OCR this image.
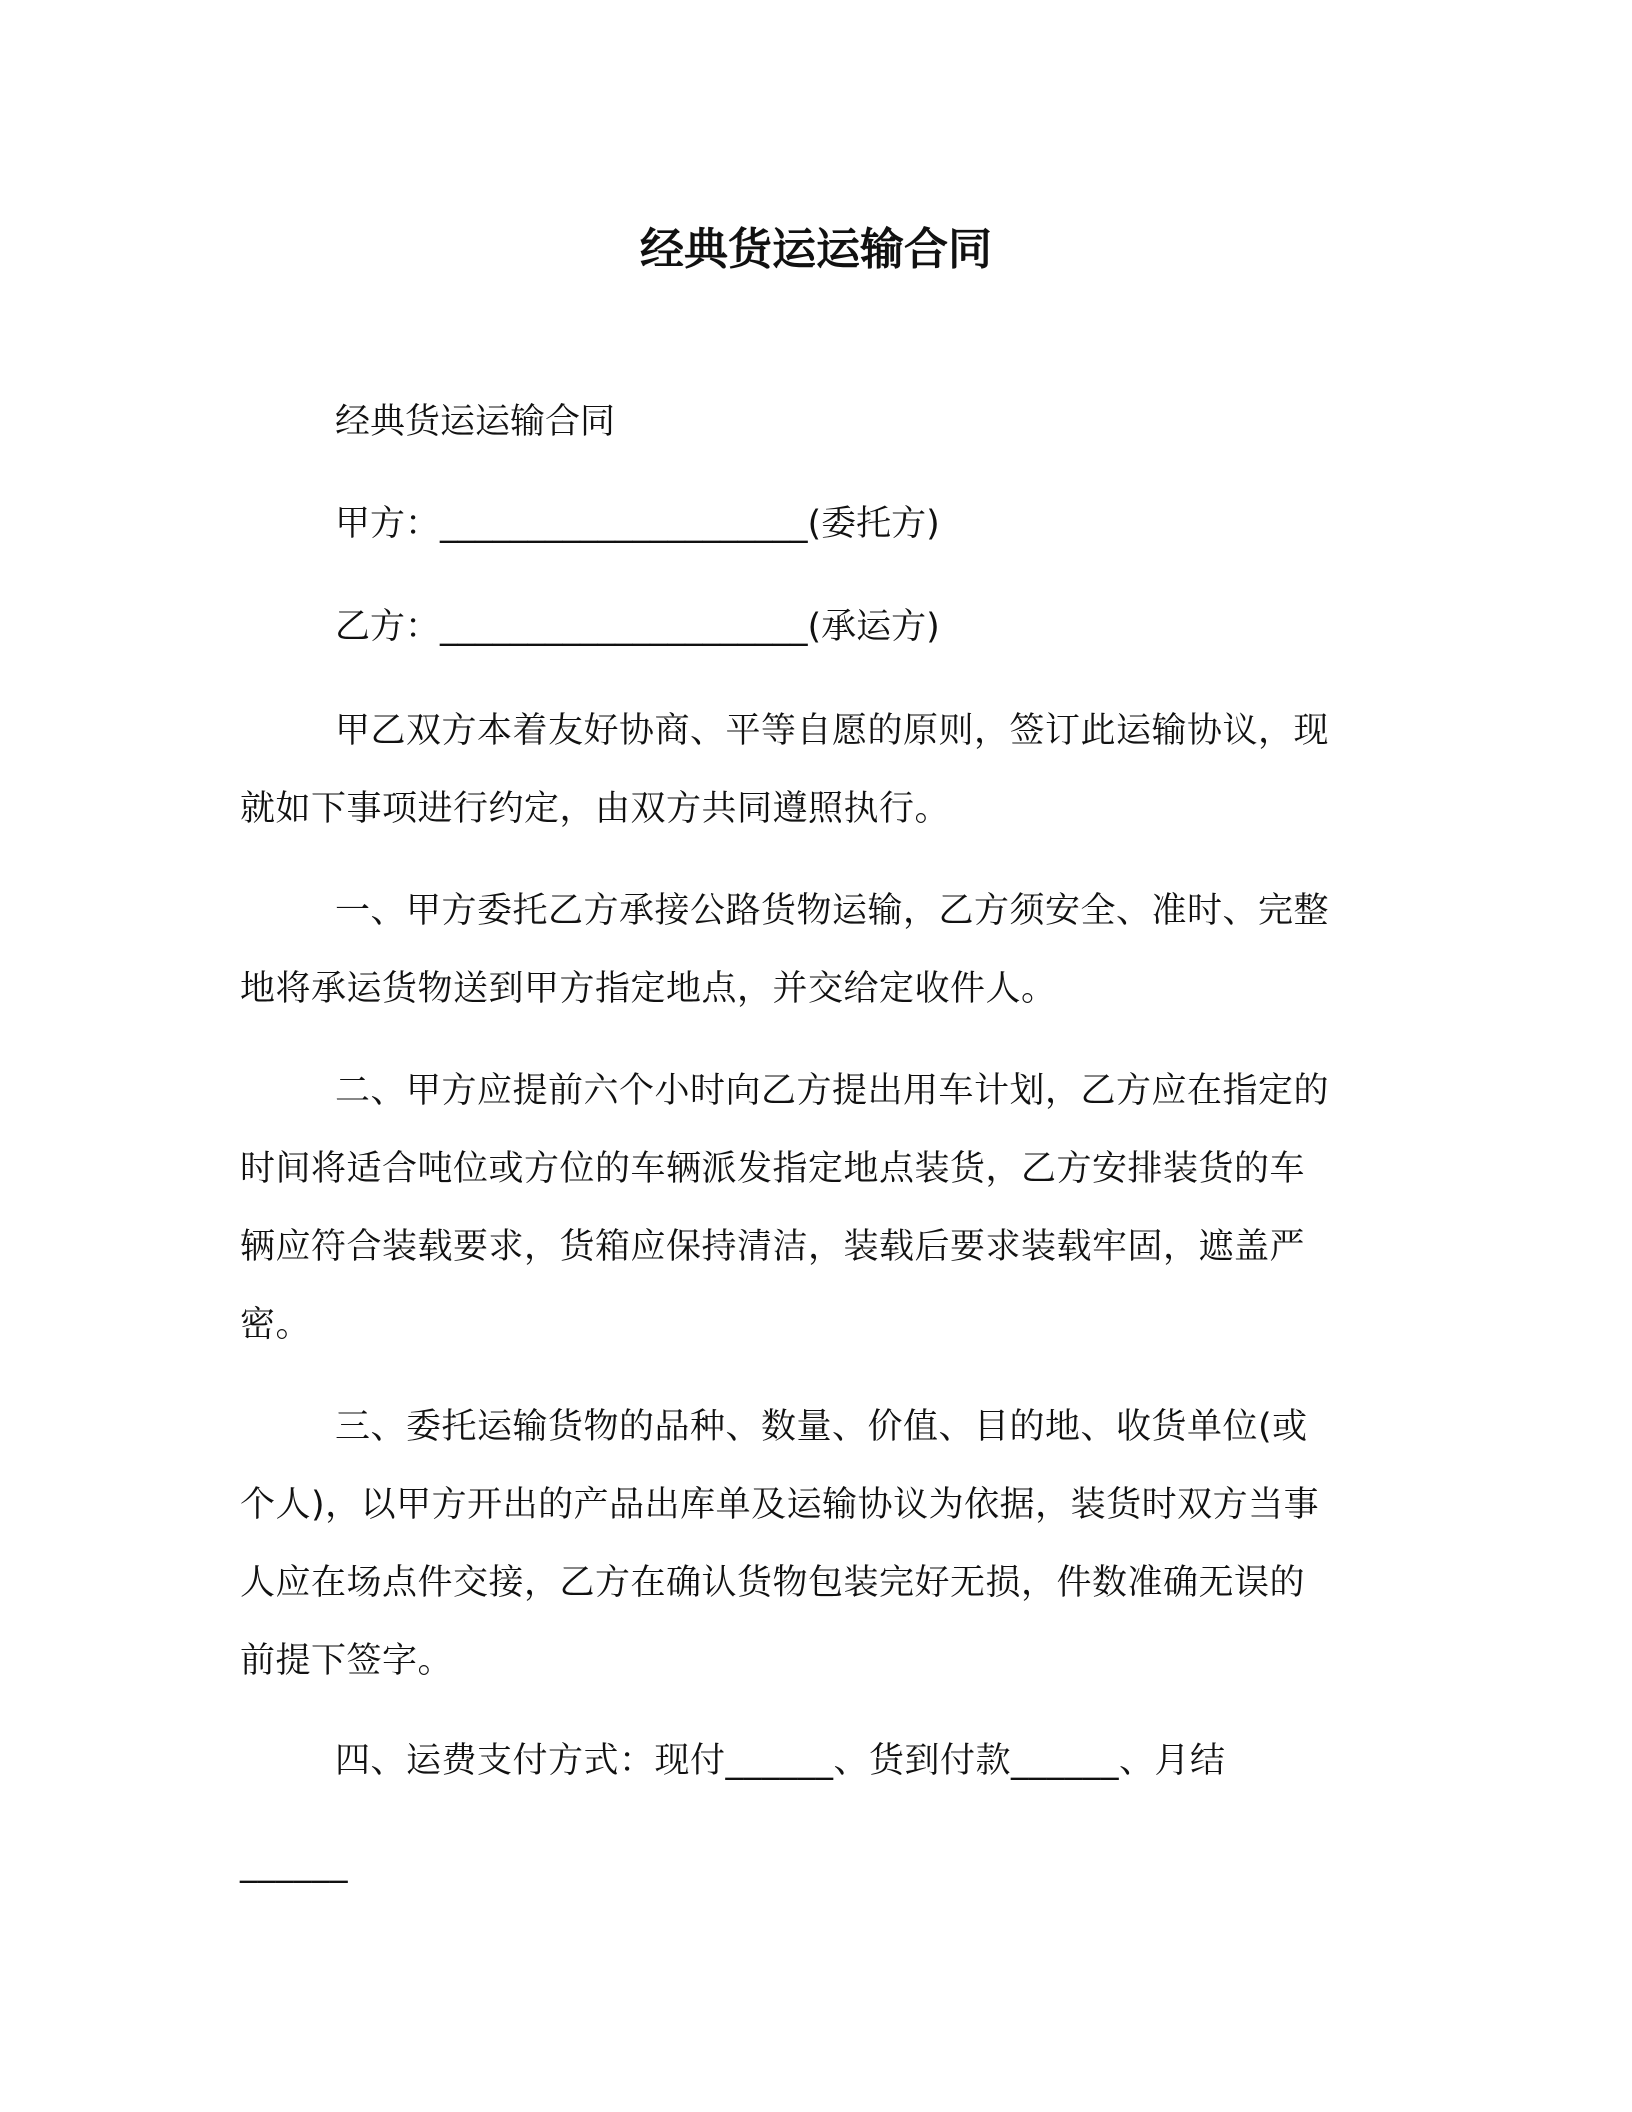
经典货运运输合同

经典货运运输合同

甲方：_____________________(委托方)

乙方：_____________________(承运方)

甲乙双方本着友好协商、平等自愿的原则，签订此运输协议，现
就如下事项进行约定，由双方共同遵照执行。
一、甲方委托乙方承接公路货物运输，乙方须安全、准时、完整
地将承运货物送到甲方指定地点，并交给定收件人。
二、甲方应提前六个小时向乙方提出用车计划，乙方应在指定的
时间将适合吨位或方位的车辆派发指定地点装货，乙方安排装货的车
辆应符合装载要求，货箱应保持清洁，装载后要求装载牢固，遮盖严
密。
三、委托运输货物的品种、数量、价值、目的地、收货单位(或
个人)，以甲方开出的产品出库单及运输协议为依据，装货时双方当事
人应在场点件交接，乙方在确认货物包装完好无损，件数准确无误的
前提下签字。
四、运费支付方式：现付______、货到付款______、月结
______
